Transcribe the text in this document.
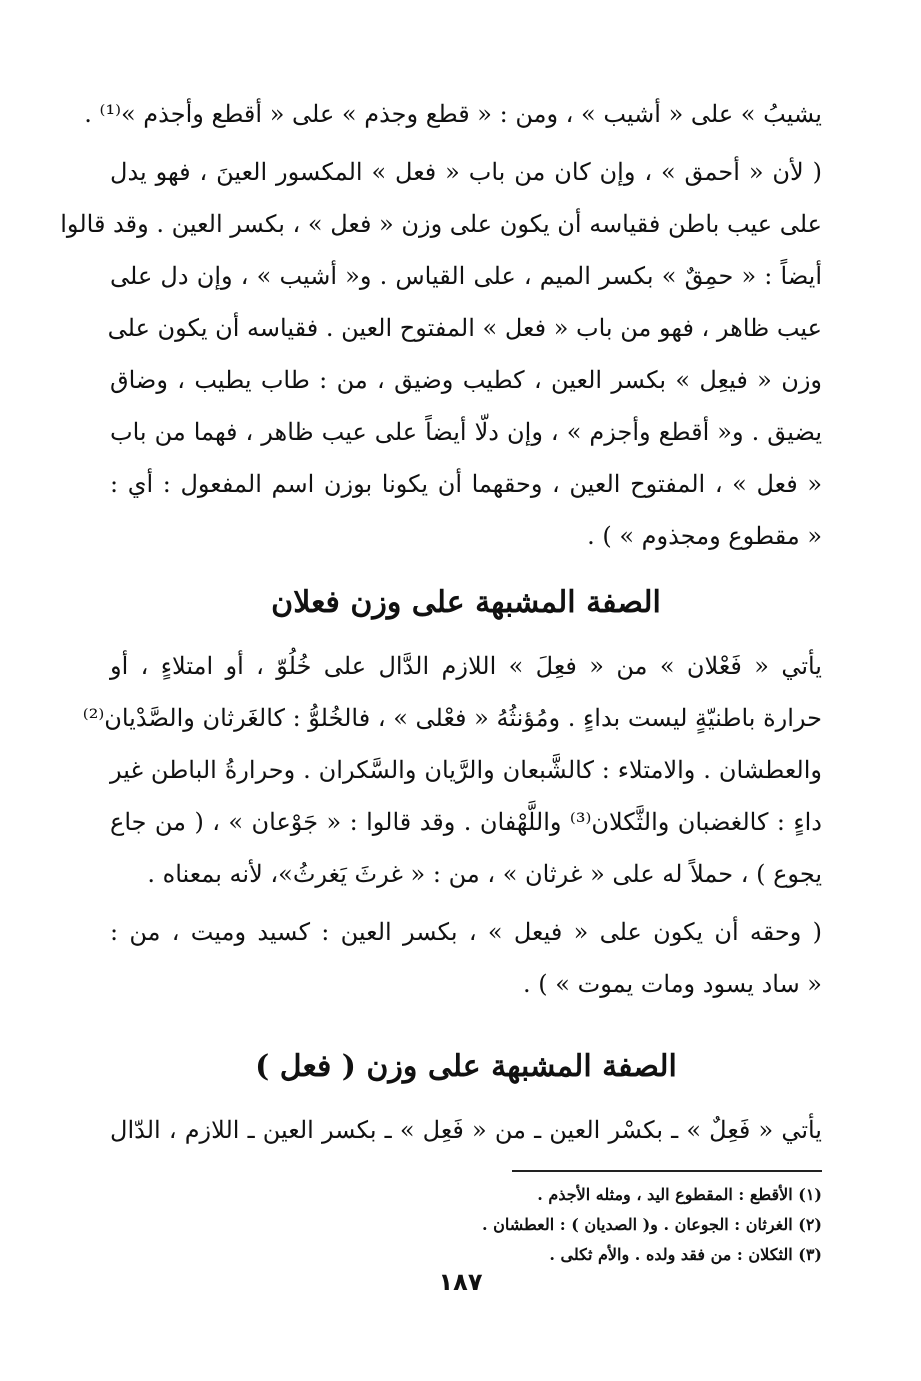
يشيبُ » على « أشيب » ، ومن : « قطع وجذم » على « أقطع وأجذم »⁽¹⁾ .
( لأن « أحمق » ، وإن كان من باب « فعل » المكسور العينَ ، فهو يدل
على عيب باطن فقياسه أن يكون على وزن « فعل » ، بكسر العين . وقد قالوا
أيضاً : « حمِقٌ » بكسر الميم ، على القياس . و« أشيب » ، وإن دل على
عيب ظاهر ، فهو من باب « فعل » المفتوح العين . فقياسه أن يكون على
وزن « فيعِل » بكسر العين ، كطيب وضيق ، من : طاب يطيب ، وضاق
يضيق . و« أقطع وأجزم » ، وإن دلّا أيضاً على عيب ظاهر ، فهما من باب
« فعل » ، المفتوح العين ، وحقهما أن يكونا بوزن اسم المفعول : أي :
« مقطوع ومجذوم » ) .
الصفة المشبهة على وزن فعلان
يأتي « فَعْلان » من « فعِلَ » اللازم الدَّال على خُلُوّ ، أو امتلاءٍ ، أو
حرارة باطنيّةٍ ليست بداءٍ . ومُؤنثُهُ « فعْلى » ، فالخُلوُّ : كالغَرثان والصَّدْيان⁽²⁾
والعطشان . والامتلاء : كالشَّبعان والرَّيان والسَّكران . وحرارةُ الباطن غير
داءٍ : كالغضبان والثَّكلان⁽³⁾ واللَّهْفان . وقد قالوا : « جَوْعان » ، ( من جاع
يجوع ) ، حملاً له على « غرثان » ، من : « غرثَ يَغرثُ»، لأنه بمعناه .
( وحقه أن يكون على « فيعل » ، بكسر العين : كسيد وميت ، من :
« ساد يسود ومات يموت » ) .
الصفة المشبهة على وزن ( فعل )
يأتي « فَعِلٌ » ـ بكسْر العين ـ من « فَعِل » ـ بكسر العين ـ اللازم ، الدّال
(١) الأقطع : المقطوع اليد ، ومثله الأجذم .
(٢) الغرثان : الجوعان . و( الصديان ) : العطشان .
(٣) الثكلان : من فقد ولده . والأم ثكلى .
١٨٧
